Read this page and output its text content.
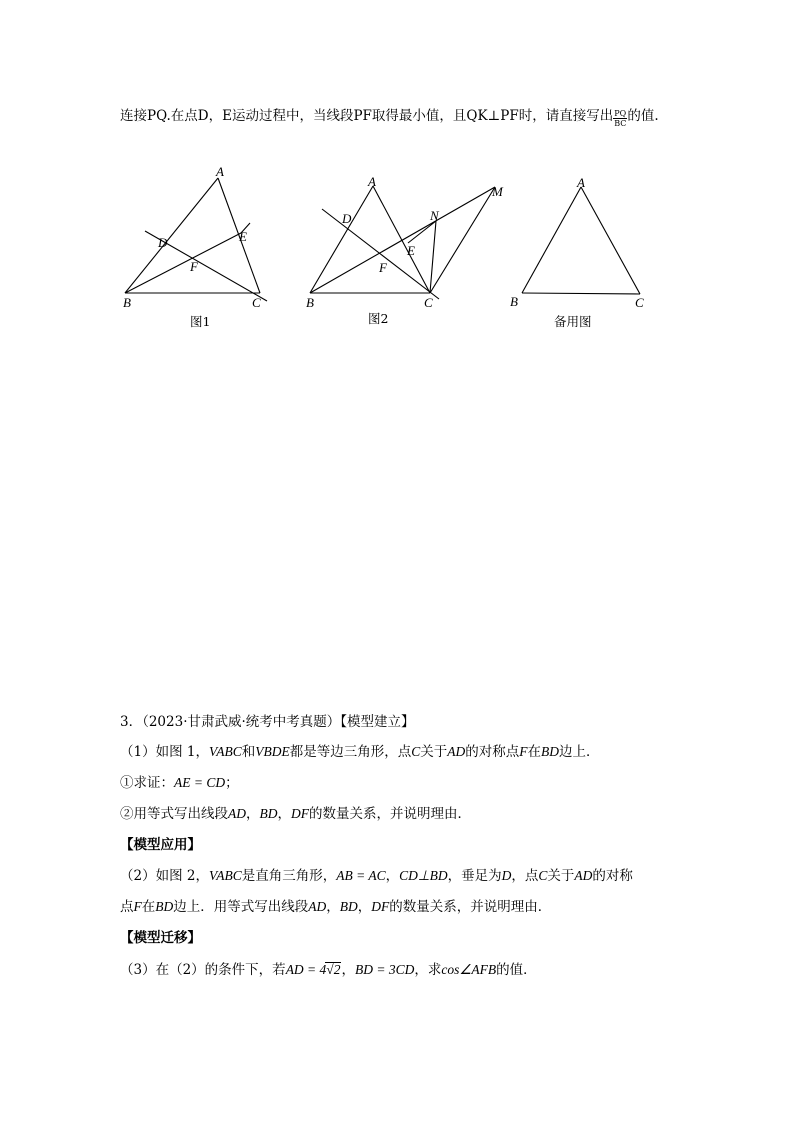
连接PQ.在点D，E运动过程中，当线段PF取得最小值，且QK⊥PF时，请直接写出 $\frac{PQ}{BC}$ 的值.
A
D	E
F
B	C
图1
A
D
E
F
N
M
B	C
图2
A
B	C
备用图
3．（2023·甘肃武威·统考中考真题）【模型建立】
（1）如图 1，VABC和VBDE都是等边三角形，点C关于AD的对称点F在BD边上．
①求证：AE = CD；
②用等式写出线段AD，BD，DF的数量关系，并说明理由．
【模型应用】
（2）如图 2，VABC是直角三角形，AB = AC，CD⊥BD，垂足为D，点C关于AD的对称
点F在BD边上．用等式写出线段AD，BD，DF的数量关系，并说明理由．
【模型迁移】
（3）在（2）的条件下，若AD = 4√2，BD = 3CD，求cos∠AFB的值．
